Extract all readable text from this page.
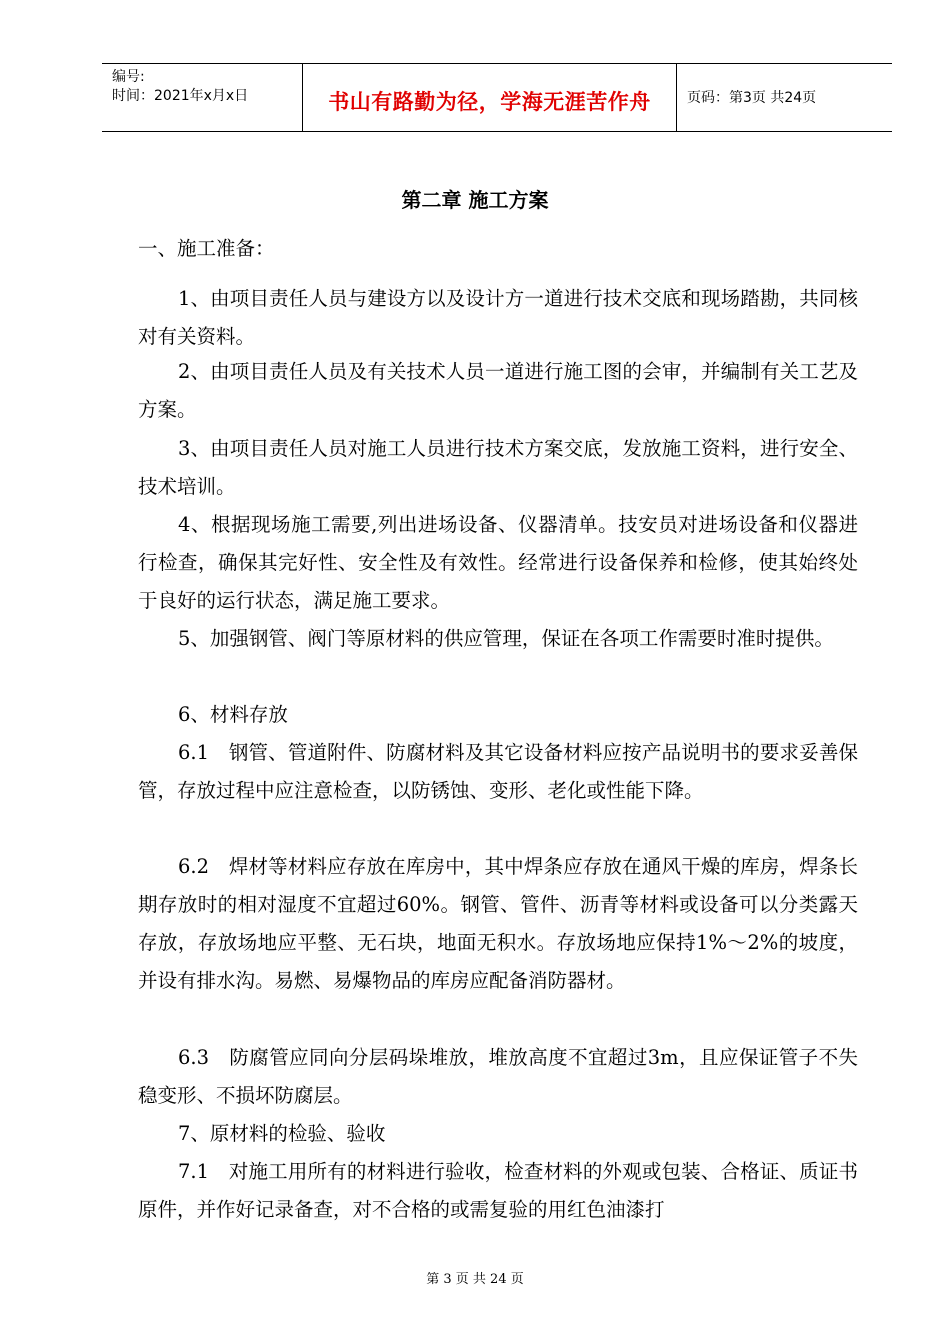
编号:
时间：2021年x月x日	书山有路勤为径，学海无涯苦作舟	页码：第3页 共24页
第二章 施工方案
一、施工准备：
1、由项目责任人员与建设方以及设计方一道进行技术交底和现场踏勘，共同核对有关资料。
2、由项目责任人员及有关技术人员一道进行施工图的会审，并编制有关工艺及方案。
3、由项目责任人员对施工人员进行技术方案交底，发放施工资料，进行安全、技术培训。
4、根据现场施工需要,列出进场设备、仪器清单。技安员对进场设备和仪器进行检查，确保其完好性、安全性及有效性。经常进行设备保养和检修，使其始终处于良好的运行状态，满足施工要求。
5、加强钢管、阀门等原材料的供应管理，保证在各项工作需要时准时提供。
6、材料存放
6.1　钢管、管道附件、防腐材料及其它设备材料应按产品说明书的要求妥善保管，存放过程中应注意检查，以防锈蚀、变形、老化或性能下降。
6.2　焊材等材料应存放在库房中，其中焊条应存放在通风干燥的库房，焊条长期存放时的相对湿度不宜超过60%。钢管、管件、沥青等材料或设备可以分类露天存放，存放场地应平整、无石块，地面无积水。存放场地应保持1%～2%的坡度，并设有排水沟。易燃、易爆物品的库房应配备消防器材。
6.3　防腐管应同向分层码垛堆放，堆放高度不宜超过3m，且应保证管子不失稳变形、不损坏防腐层。
7、原材料的检验、验收
7.1　对施工用所有的材料进行验收，检查材料的外观或包装、合格证、质证书原件，并作好记录备查，对不合格的或需复验的用红色油漆打
第 3 页 共 24 页
